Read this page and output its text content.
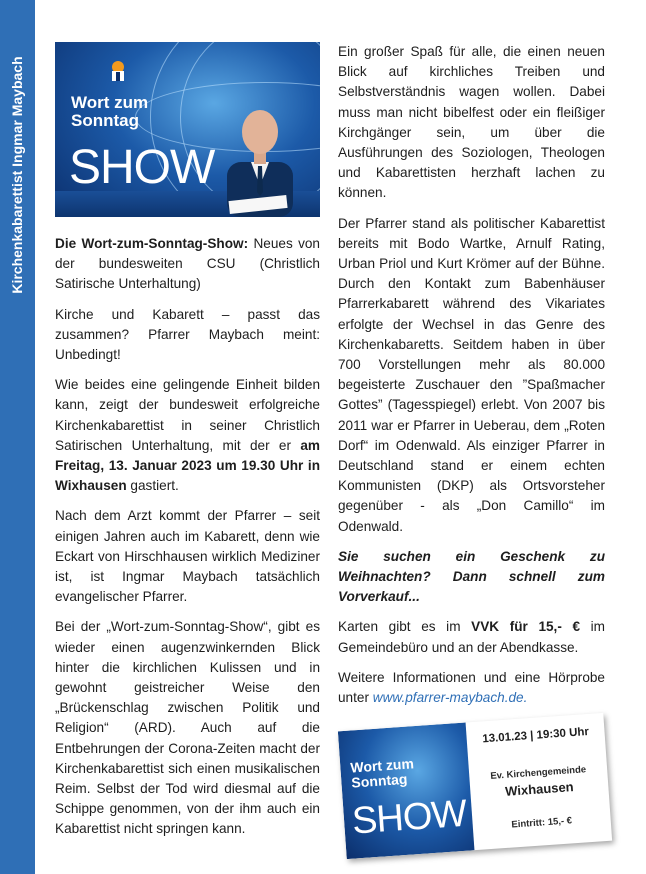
Kirchenkabarettist Ingmar Maybach	Wort zum
Sonntag
SHOW

Die Wort-zum-Sonntag-Show: Neues von der bundesweiten CSU (Christlich Satirische Unterhaltung)

Kirche und Kabarett – passt das zusammen? Pfarrer Maybach meint: Unbedingt!

Wie beides eine gelingende Einheit bilden kann, zeigt der bundesweit erfolgreiche Kirchenkabarettist in seiner Christlich Satirischen Unterhaltung, mit der er am Freitag, 13. Januar 2023 um 19.30 Uhr in Wixhausen gastiert.

Nach dem Arzt kommt der Pfarrer – seit einigen Jahren auch im Kabarett, denn wie Eckart von Hirschhausen wirklich Mediziner ist, ist Ingmar Maybach tatsächlich evangelischer Pfarrer.

Bei der „Wort-zum-Sonntag-Show“, gibt es wieder einen augenzwinkernden Blick hinter die kirchlichen Kulissen und in gewohnt geistreicher Weise den „Brückenschlag zwischen Politik und Religion“ (ARD). Auch auf die Entbehrungen der Corona-Zeiten macht der Kirchenkabarettist sich einen musikalischen Reim. Selbst der Tod wird diesmal auf die Schippe genommen, von der ihm auch ein Kabarettist nicht springen kann.

Ein großer Spaß für alle, die einen neuen Blick auf kirchliches Treiben und Selbstverständnis wagen wollen. Dabei muss man nicht bibelfest oder ein fleißiger Kirchgänger sein, um über die Ausführungen des Soziologen, Theologen und Kabarettisten herzhaft lachen zu können.

Der Pfarrer stand als politischer Kabarettist bereits mit Bodo Wartke, Arnulf Rating, Urban Priol und Kurt Krömer auf der Bühne. Durch den Kontakt zum Babenhäuser Pfarrerkabarett während des Vikariates erfolgte der Wechsel in das Genre des Kirchenkabaretts. Seitdem haben in über 700 Vorstellungen mehr als 80.000 begeisterte Zuschauer den ”Spaßmacher Gottes” (Tagesspiegel) erlebt. Von 2007 bis 2011 war er Pfarrer in Ueberau, dem „Roten Dorf“ im Odenwald. Als einziger Pfarrer in Deutschland stand er einem echten Kommunisten (DKP) als Ortsvorsteher gegenüber - als „Don Camillo“ im Odenwald.

Sie suchen ein Geschenk zu Weihnachten? Dann schnell zum Vorverkauf...

Karten gibt es im VVK für 15,- € im Gemeindebüro und an der Abendkasse.

Weitere Informationen und eine Hörprobe unter www.pfarrer-maybach.de.

Wort zum
Sonntag
SHOW
13.01.23 | 19:30 Uhr
Ev. Kirchengemeinde
Wixhausen
Eintritt: 15,- €
